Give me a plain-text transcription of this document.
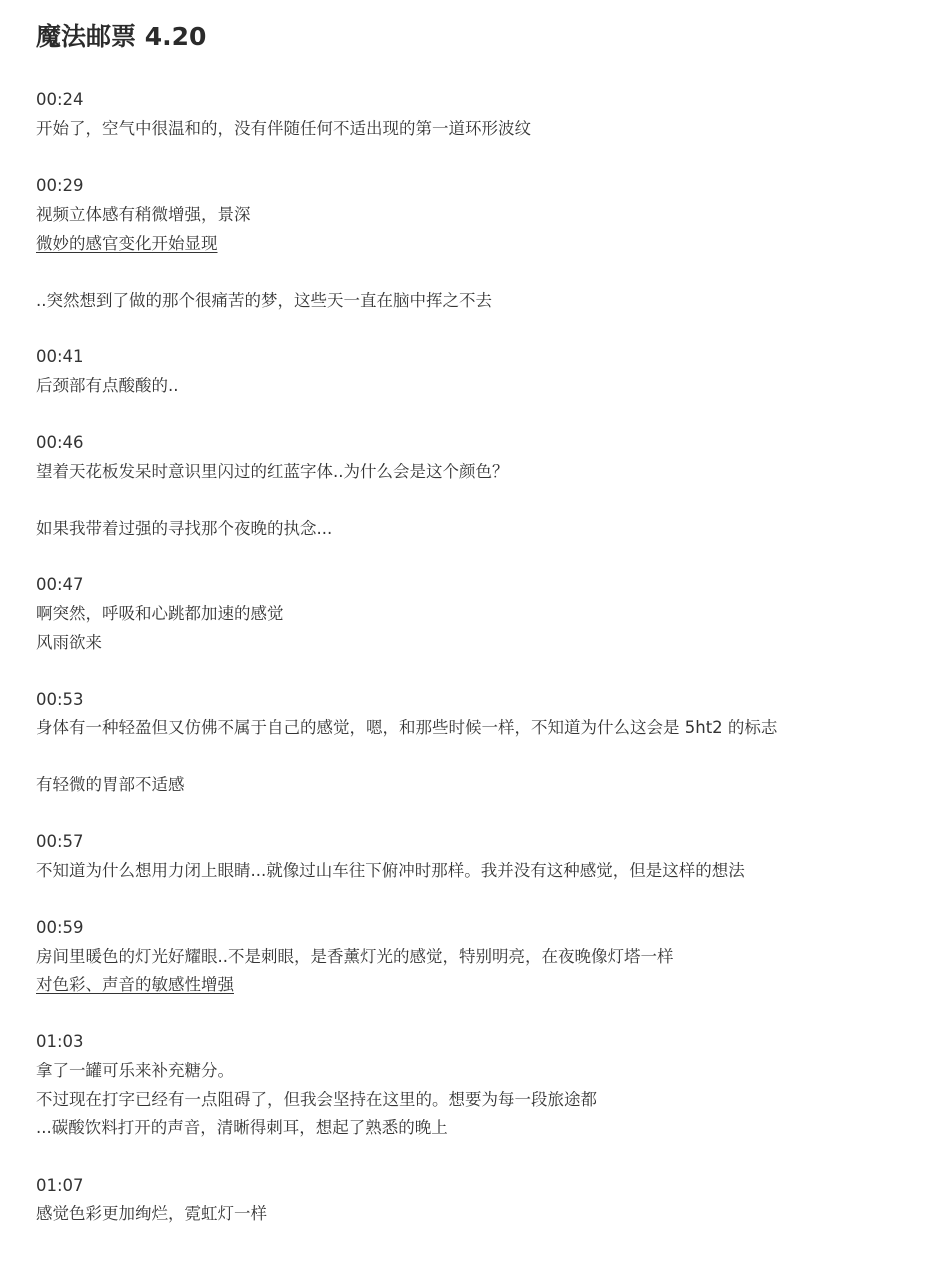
魔法邮票 4.20
00:24
开始了，空气中很温和的，没有伴随任何不适出现的第一道环形波纹
00:29
视频立体感有稍微增强，景深
微妙的感官变化开始显现
..突然想到了做的那个很痛苦的梦，这些天一直在脑中挥之不去
00:41
后颈部有点酸酸的..
00:46
望着天花板发呆时意识里闪过的红蓝字体..为什么会是这个颜色？
如果我带着过强的寻找那个夜晚的执念...
00:47
啊突然，呼吸和心跳都加速的感觉
风雨欲来
00:53
身体有一种轻盈但又仿佛不属于自己的感觉，嗯，和那些时候一样，不知道为什么这会是 5ht2 的标志
有轻微的胃部不适感
00:57
不知道为什么想用力闭上眼睛...就像过山车往下俯冲时那样。我并没有这种感觉，但是这样的想法
00:59
房间里暖色的灯光好耀眼..不是刺眼，是香薰灯光的感觉，特别明亮，在夜晚像灯塔一样
对色彩、声音的敏感性增强
01:03
拿了一罐可乐来补充糖分。
不过现在打字已经有一点阻碍了，但我会坚持在这里的。想要为每一段旅途都
...碳酸饮料打开的声音，清晰得刺耳，想起了熟悉的晚上
01:07
感觉色彩更加绚烂，霓虹灯一样
